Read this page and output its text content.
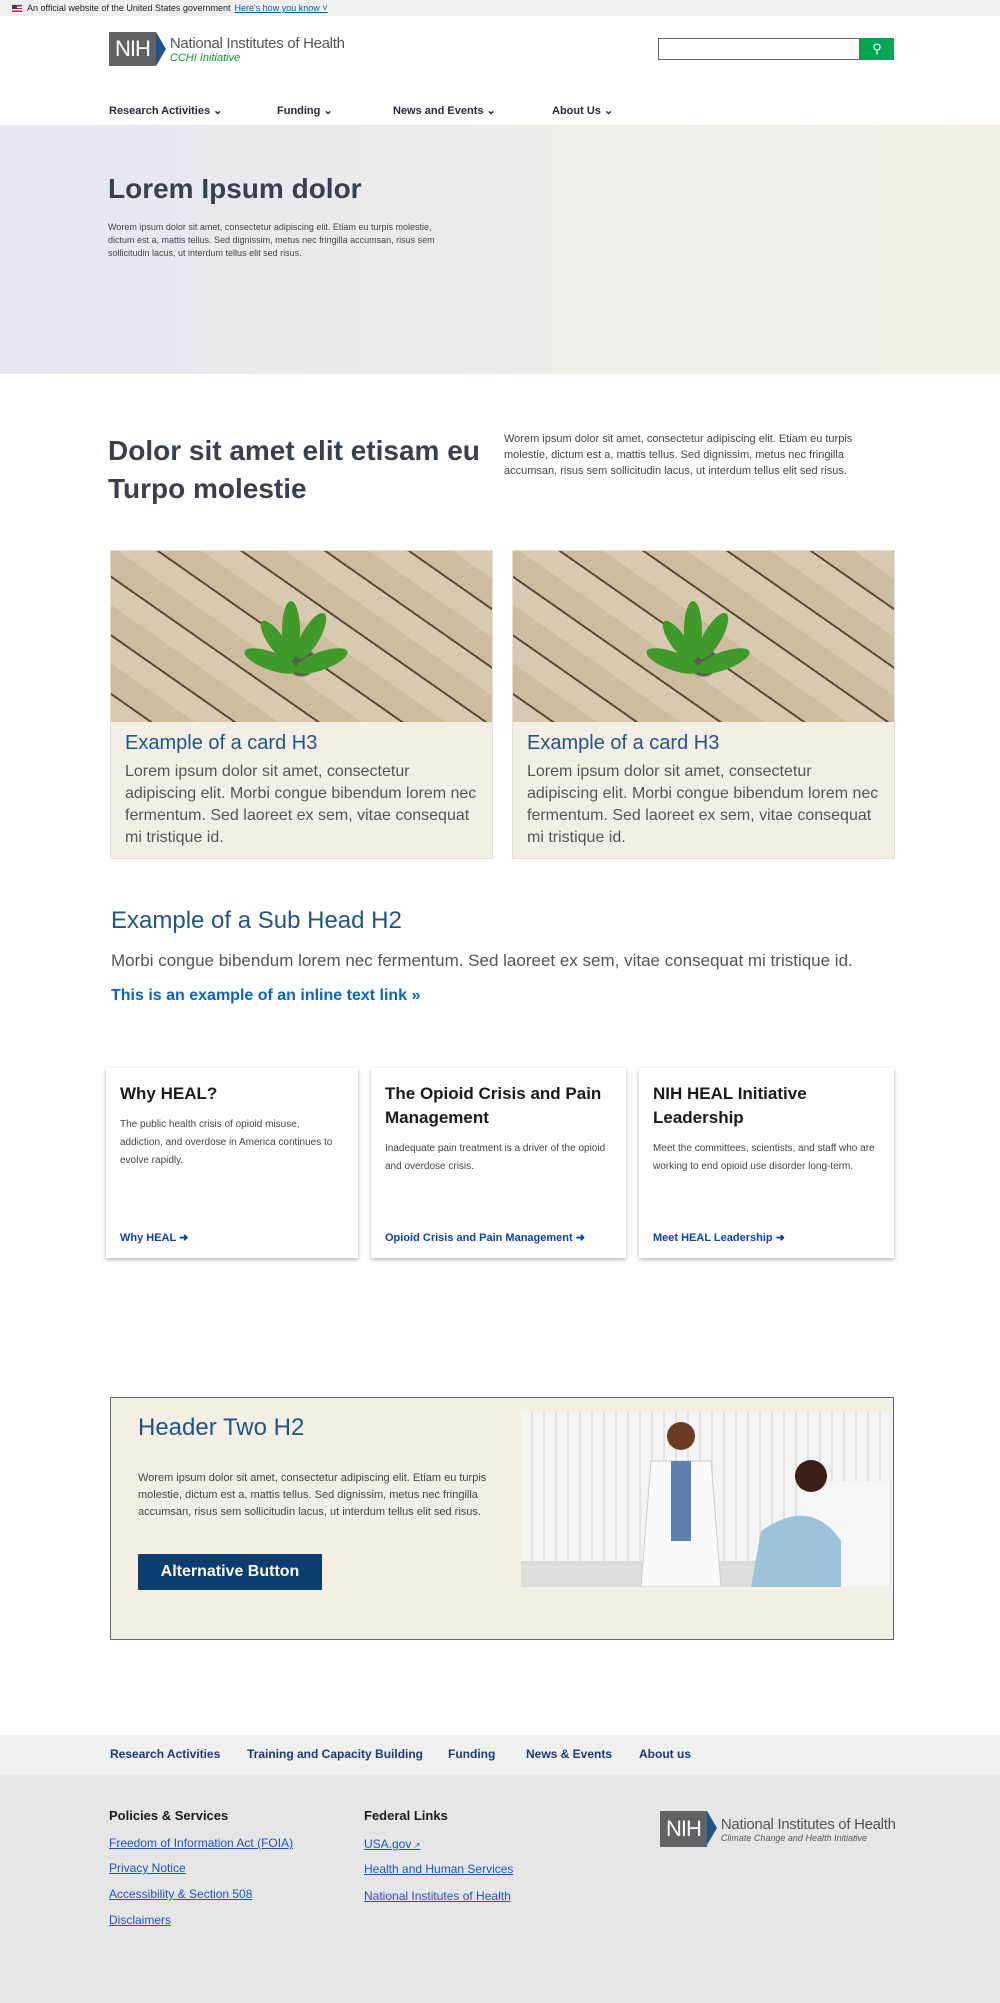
An official website of the United States government Here's how you know ˅
NIH	National Institutes of Health
CCHI Initiative
⚲
Research Activities ⌄	Funding ⌄	News and Events ⌄	About Us ⌄
Lorem Ipsum dolor

Worem ipsum dolor sit amet, consectetur adipiscing elit. Etiam eu turpis molestie, dictum est a, mattis tellus. Sed dignissim, metus nec fringilla accumsan, risus sem sollicitudin lacus, ut interdum tellus elit sed risus.

Dolor sit amet elit etisam eu Turpo molestie

Worem ipsum dolor sit amet, consectetur adipiscing elit. Etiam eu turpis molestie, dictum est a, mattis tellus. Sed dignissim, metus nec fringilla accumsan, risus sem sollicitudin lacus, ut interdum tellus elit sed risus.

Example of a card H3

Lorem ipsum dolor sit amet, consectetur adipiscing elit. Morbi congue bibendum lorem nec fermentum. Sed laoreet ex sem, vitae consequat mi tristique id.

Example of a card H3

Lorem ipsum dolor sit amet, consectetur adipiscing elit. Morbi congue bibendum lorem nec fermentum. Sed laoreet ex sem, vitae consequat mi tristique id.

Example of a Sub Head H2

Morbi congue bibendum lorem nec fermentum. Sed laoreet ex sem, vitae consequat mi tristique id.

This is an example of an inline text link »
Why HEAL?

The public health crisis of opioid misuse, addiction, and overdose in America continues to evolve rapidly.

Why HEAL ➜
The Opioid Crisis and Pain Management

Inadequate pain treatment is a driver of the opioid and overdose crisis.

Opioid Crisis and Pain Management ➜
NIH HEAL Initiative Leadership

Meet the committees, scientists, and staff who are working to end opioid use disorder long-term.

Meet HEAL Leadership ➜
Header Two H2

Worem ipsum dolor sit amet, consectetur adipiscing elit. Etiam eu turpis molestie, dictum est a, mattis tellus. Sed dignissim, metus nec fringilla accumsan, risus sem sollicitudin lacus, ut interdum tellus elit sed risus.

Alternative Button
Research Activities Training and Capacity Building Funding	News & Events About us
Policies & Services
Freedom of Information Act (FOIA)
Privacy Notice
Accessibility & Section 508
Disclaimers
Federal Links
USA.gov ↗
Health and Human Services
National Institutes of Health
NIH	National Institutes of Health
Climate Change and Health Initiative
